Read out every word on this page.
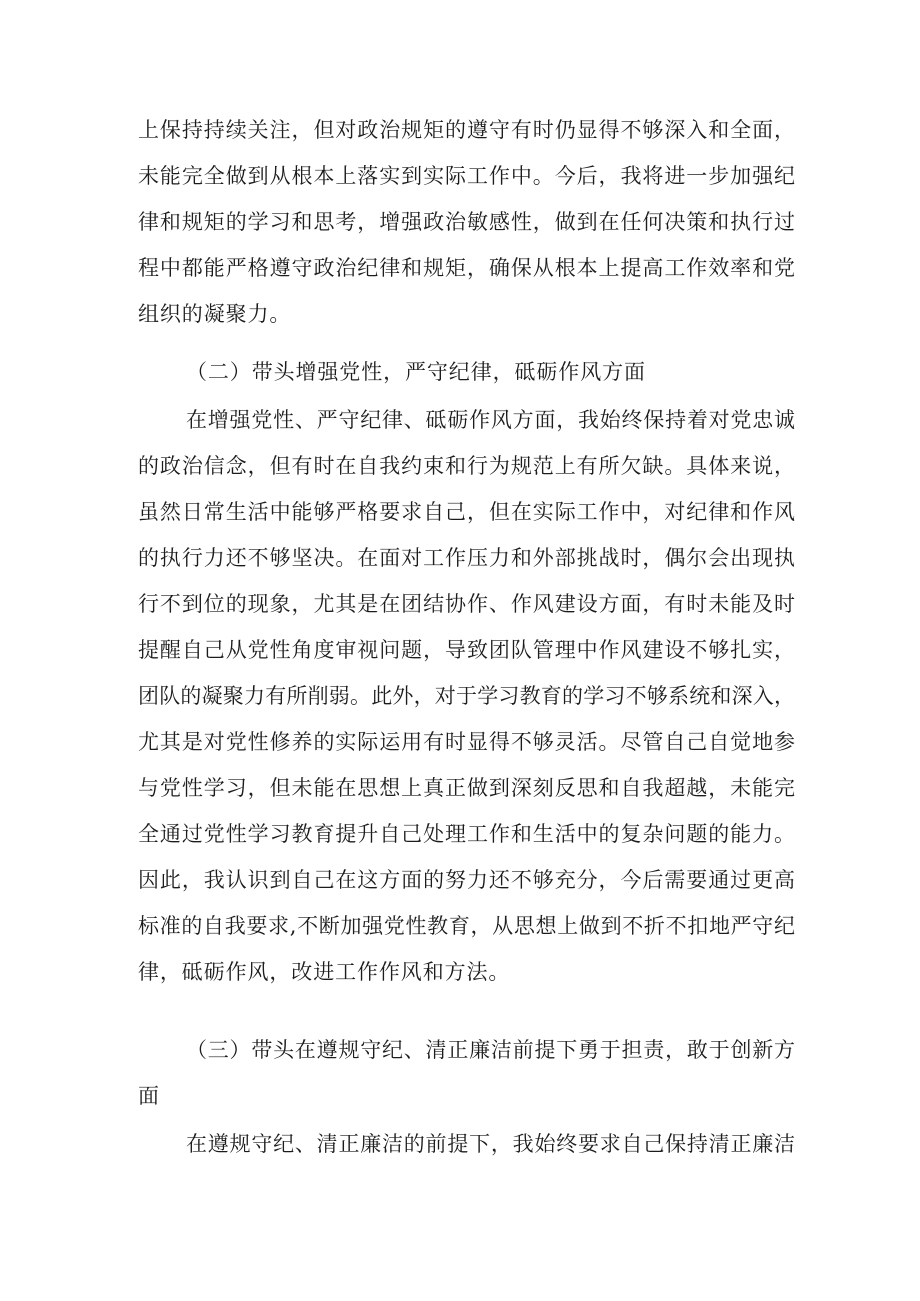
上保持持续关注，但对政治规矩的遵守有时仍显得不够深入和全面，
未能完全做到从根本上落实到实际工作中。今后，我将进一步加强纪
律和规矩的学习和思考，增强政治敏感性，做到在任何决策和执行过
程中都能严格遵守政治纪律和规矩，确保从根本上提高工作效率和党
组织的凝聚力。
（二）带头增强党性，严守纪律，砥砺作风方面
在增强党性、严守纪律、砥砺作风方面，我始终保持着对党忠诚
的政治信念，但有时在自我约束和行为规范上有所欠缺。具体来说，
虽然日常生活中能够严格要求自己，但在实际工作中，对纪律和作风
的执行力还不够坚决。在面对工作压力和外部挑战时，偶尔会出现执
行不到位的现象，尤其是在团结协作、作风建设方面，有时未能及时
提醒自己从党性角度审视问题，导致团队管理中作风建设不够扎实，
团队的凝聚力有所削弱。此外，对于学习教育的学习不够系统和深入，
尤其是对党性修养的实际运用有时显得不够灵活。尽管自己自觉地参
与党性学习，但未能在思想上真正做到深刻反思和自我超越，未能完
全通过党性学习教育提升自己处理工作和生活中的复杂问题的能力。
因此，我认识到自己在这方面的努力还不够充分，今后需要通过更高
标准的自我要求,不断加强党性教育，从思想上做到不折不扣地严守纪
律，砥砺作风，改进工作作风和方法。
（三）带头在遵规守纪、清正廉洁前提下勇于担责，敢于创新方
面
在遵规守纪、清正廉洁的前提下，我始终要求自己保持清正廉洁
